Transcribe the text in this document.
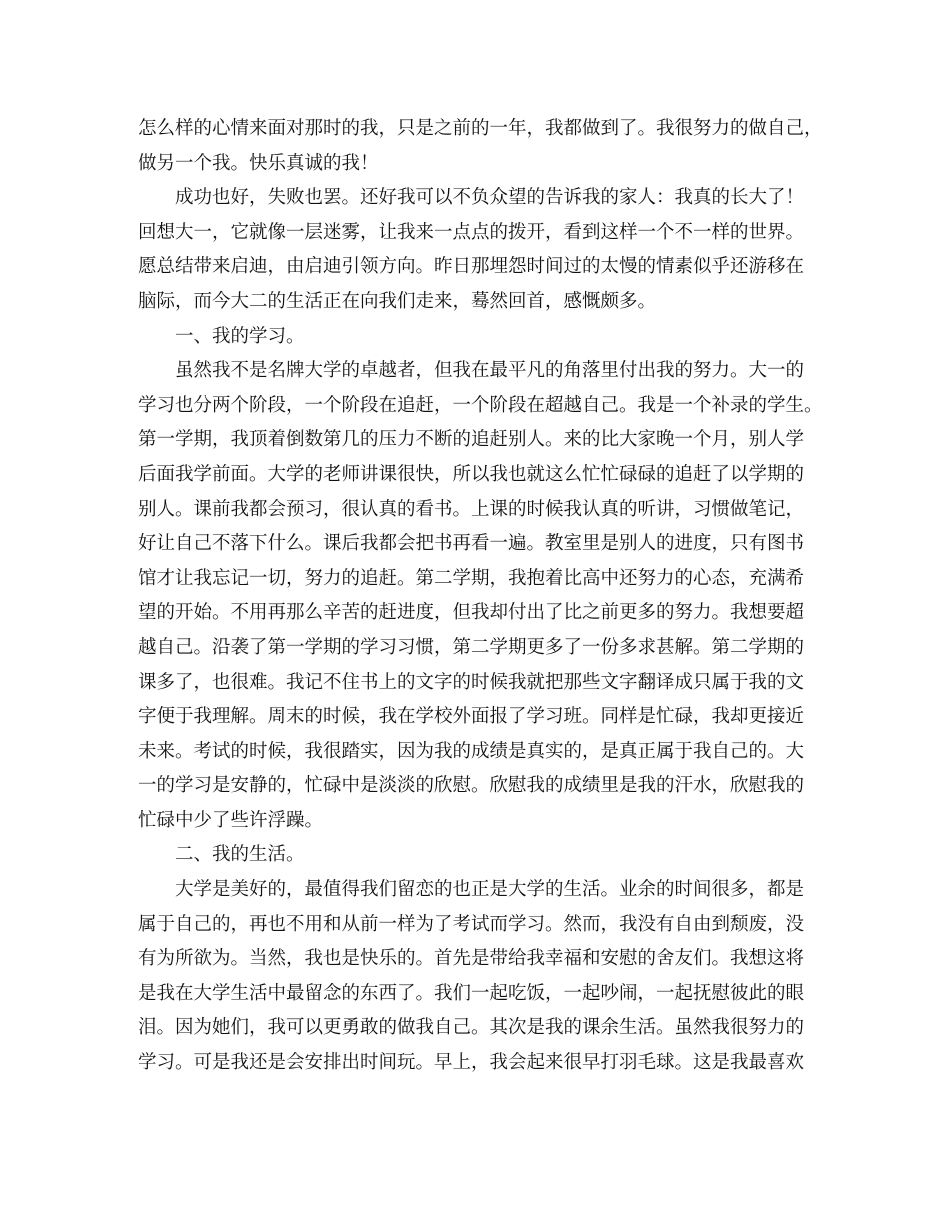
怎么样的心情来面对那时的我，只是之前的一年，我都做到了。我很努力的做自己，
做另一个我。快乐真诚的我！
成功也好，失败也罢。还好我可以不负众望的告诉我的家人：我真的长大了！
回想大一，它就像一层迷雾，让我来一点点的拨开，看到这样一个不一样的世界。
愿总结带来启迪，由启迪引领方向。昨日那埋怨时间过的太慢的情素似乎还游移在
脑际，而今大二的生活正在向我们走来，蓦然回首，感慨颇多。
一、我的学习。
虽然我不是名牌大学的卓越者，但我在最平凡的角落里付出我的努力。大一的
学习也分两个阶段，一个阶段在追赶，一个阶段在超越自己。我是一个补录的学生。
第一学期，我顶着倒数第几的压力不断的追赶别人。来的比大家晚一个月，别人学
后面我学前面。大学的老师讲课很快，所以我也就这么忙忙碌碌的追赶了以学期的
别人。课前我都会预习，很认真的看书。上课的时候我认真的听讲，习惯做笔记，
好让自己不落下什么。课后我都会把书再看一遍。教室里是别人的进度，只有图书
馆才让我忘记一切，努力的追赶。第二学期，我抱着比高中还努力的心态，充满希
望的开始。不用再那么辛苦的赶进度，但我却付出了比之前更多的努力。我想要超
越自己。沿袭了第一学期的学习习惯，第二学期更多了一份多求甚解。第二学期的
课多了，也很难。我记不住书上的文字的时候我就把那些文字翻译成只属于我的文
字便于我理解。周末的时候，我在学校外面报了学习班。同样是忙碌，我却更接近
未来。考试的时候，我很踏实，因为我的成绩是真实的，是真正属于我自己的。大
一的学习是安静的，忙碌中是淡淡的欣慰。欣慰我的成绩里是我的汗水，欣慰我的
忙碌中少了些许浮躁。
二、我的生活。
大学是美好的，最值得我们留恋的也正是大学的生活。业余的时间很多，都是
属于自己的，再也不用和从前一样为了考试而学习。然而，我没有自由到颓废，没
有为所欲为。当然，我也是快乐的。首先是带给我幸福和安慰的舍友们。我想这将
是我在大学生活中最留念的东西了。我们一起吃饭，一起吵闹，一起抚慰彼此的眼
泪。因为她们，我可以更勇敢的做我自己。其次是我的课余生活。虽然我很努力的
学习。可是我还是会安排出时间玩。早上，我会起来很早打羽毛球。这是我最喜欢
